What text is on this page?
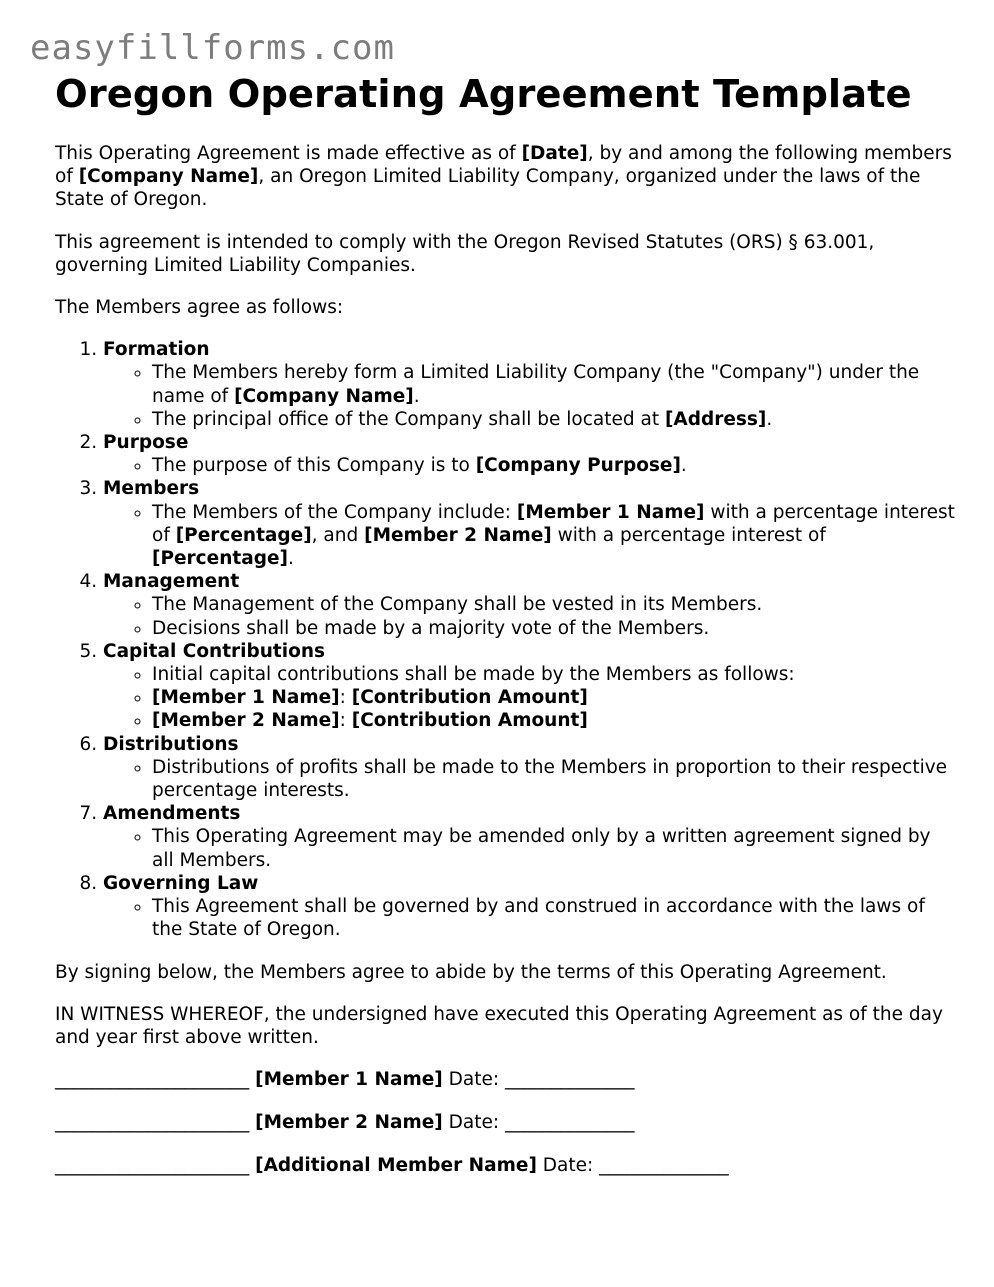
easyfillforms.com
Oregon Operating Agreement Template

This Operating Agreement is made effective as of [Date], by and among the following members of [Company Name], an Oregon Limited Liability Company, organized under the laws of the State of Oregon.

This agreement is intended to comply with the Oregon Revised Statutes (ORS) § 63.001, governing Limited Liability Companies.

The Members agree as follows:

1. Formation
◦ The Members hereby form a Limited Liability Company (the "Company") under the name of [Company Name].
◦ The principal office of the Company shall be located at [Address].
2. Purpose
◦ The purpose of this Company is to [Company Purpose].
3. Members
◦ The Members of the Company include: [Member 1 Name] with a percentage interest of [Percentage], and [Member 2 Name] with a percentage interest of [Percentage].
4. Management
◦ The Management of the Company shall be vested in its Members.
◦ Decisions shall be made by a majority vote of the Members.
5. Capital Contributions
◦ Initial capital contributions shall be made by the Members as follows:
◦ [Member 1 Name]: [Contribution Amount]
◦ [Member 2 Name]: [Contribution Amount]
6. Distributions
◦ Distributions of profits shall be made to the Members in proportion to their respective percentage interests.
7. Amendments
◦ This Operating Agreement may be amended only by a written agreement signed by all Members.
8. Governing Law
◦ This Agreement shall be governed by and construed in accordance with the laws of the State of Oregon.

By signing below, the Members agree to abide by the terms of this Operating Agreement.

IN WITNESS WHEREOF, the undersigned have executed this Operating Agreement as of the day and year first above written.

_____________________ [Member 1 Name] Date: ______________
_____________________ [Member 2 Name] Date: ______________
_____________________ [Additional Member Name] Date: ______________
